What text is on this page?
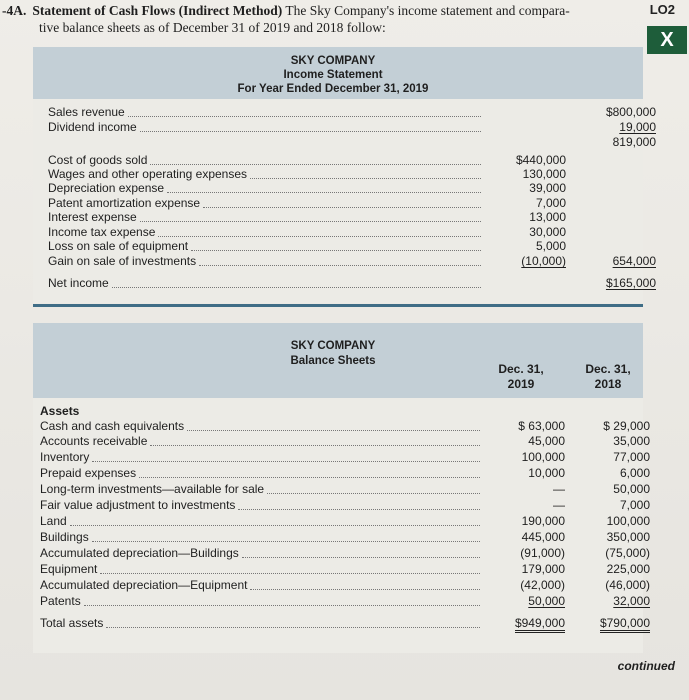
-4A. Statement of Cash Flows (Indirect Method) The Sky Company's income statement and compara-
tive balance sheets as of December 31 of 2019 and 2018 follow:
LO2
X
SKY COMPANY
Income Statement
For Year Ended December 31, 2019
Sales revenue	$800,000
Dividend income	19,000
819,000
Cost of goods sold	$440,000
Wages and other operating expenses	130,000
Depreciation expense	39,000
Patent amortization expense	7,000
Interest expense	13,000
Income tax expense	30,000
Loss on sale of equipment	5,000
Gain on sale of investments	(10,000)	654,000
Net income	$165,000
SKY COMPANY
Balance Sheets
Dec. 31,
2019
Dec. 31,
2018
Assets
Cash and cash equivalents	$ 63,000	$ 29,000
Accounts receivable	45,000	35,000
Inventory	100,000	77,000
Prepaid expenses	10,000	6,000
Long-term investments—available for sale	—	50,000
Fair value adjustment to investments	—	7,000
Land	190,000	100,000
Buildings	445,000	350,000
Accumulated depreciation—Buildings	(91,000)	(75,000)
Equipment	179,000	225,000
Accumulated depreciation—Equipment	(42,000)	(46,000)
Patents	50,000	32,000
Total assets	$949,000	$790,000
continued
